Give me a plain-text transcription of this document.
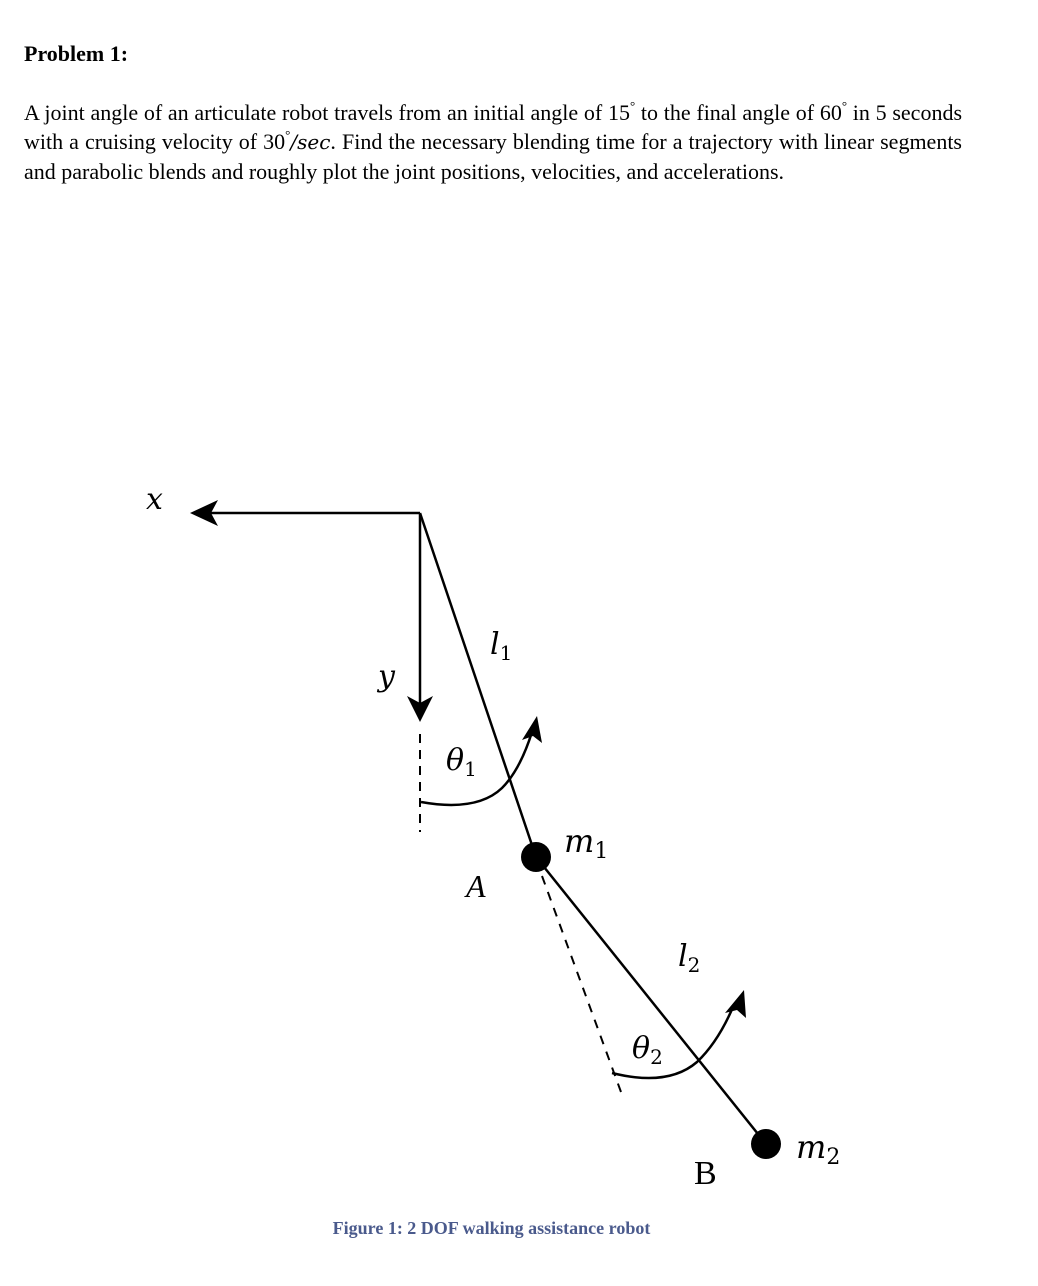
Problem 1:
A joint angle of an articulate robot travels from an initial angle of 15° to the final angle of 60° in 5 seconds with a cruising velocity of 30°/sec. Find the necessary blending time for a trajectory with linear segments and parabolic blends and roughly plot the joint positions, velocities, and accelerations.
x
y
l1
θ1
m1
A
l2
θ2
m2
B
Figure 1: 2 DOF walking assistance robot
